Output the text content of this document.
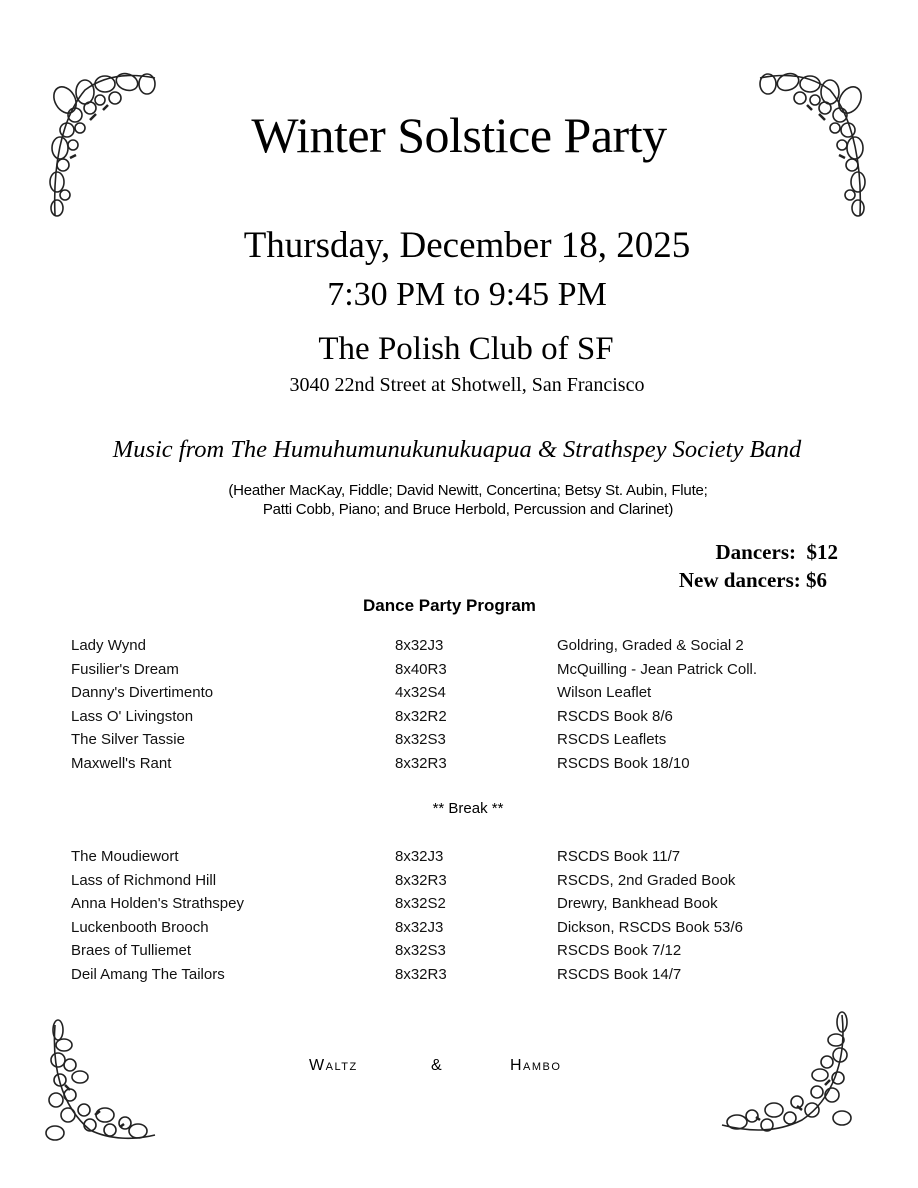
Winter Solstice Party
Thursday, December 18, 2025
7:30 PM to 9:45 PM
The Polish Club of SF
3040 22nd Street at Shotwell, San Francisco
Music from The Humuhumunukunukuapua & Strathspey Society Band
(Heather MacKay, Fiddle; David Newitt, Concertina; Betsy St. Aubin, Flute;
Patti Cobb, Piano; and Bruce Herbold, Percussion and Clarinet)
Dancers:  $12
New dancers: $6
Dance Party Program
Lady Wynd	8x32J3	Goldring, Graded & Social 2
Fusilier's Dream	8x40R3	McQuilling - Jean Patrick Coll.
Danny's Divertimento	4x32S4	Wilson Leaflet
Lass O' Livingston	8x32R2	RSCDS Book 8/6
The Silver Tassie	8x32S3	RSCDS Leaflets
Maxwell's Rant	8x32R3	RSCDS Book 18/10
** Break **
The Moudiewort	8x32J3	RSCDS Book 11/7
Lass of Richmond Hill	8x32R3	RSCDS, 2nd Graded Book
Anna Holden's Strathspey	8x32S2	Drewry, Bankhead Book
Luckenbooth Brooch	8x32J3	Dickson, RSCDS Book 53/6
Braes of Tulliemet	8x32S3	RSCDS Book 7/12
Deil Amang The Tailors	8x32R3	RSCDS Book 14/7
Waltz	&	Hambo
